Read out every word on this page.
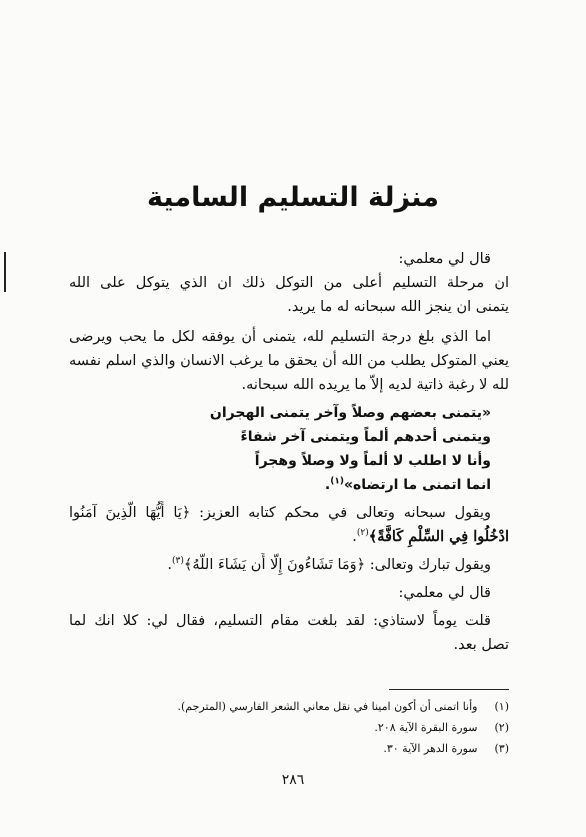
منزلة التسليم السامية
قال لي معلمي:
ان مرحلة التسليم أعلى من التوكل ذلك ان الذي يتوكل على الله
يتمنى ان ينجز الله سبحانه له ما يريد.
اما الذي بلغ درجة التسليم لله، يتمنى أن يوفقه لكل ما يحب ويرضى
يعني المتوكل يطلب من الله أن يحقق ما يرغب الانسان والذي اسلم نفسه
لله لا رغبة ذاتية لديه إلاّ ما يريده الله سبحانه.
«يتمنى بعضهم وصلاً وآخر يتمنى الهجران
ويتمنى أحدهم ألماً ويتمنى آخر شفاءً
وأنا لا اطلب لا ألماً ولا وصلاً وهجراً
انما اتمنى ما ارتضاه»$^{(١)}$.
ويقول سبحانه وتعالى في محكم كتابه العزيز: ﴿يَا أَيُّهَا الَّذِينَ آمَنُوا
ادْخُلُوا فِي السِّلْمِ كَافَّةً﴾$^{(٢)}$.
ويقول تبارك وتعالى: ﴿وَمَا تَشَاءُونَ إِلَّا أَن يَشَاءَ اللَّهُ﴾$^{(٣)}$.
قال لي معلمي:
قلت يوماً لاستاذي: لقد بلغت مقام التسليم، فقال لي: كلا انك لما
تصل بعد.
(١) وأنا اتمنى أن أكون امينا في نقل معاني الشعر الفارسي (المترجم).
(٢) سورة البقرة الآية ٢٠٨.
(٣) سورة الدهر الآية ٣٠.
٢٨٦
